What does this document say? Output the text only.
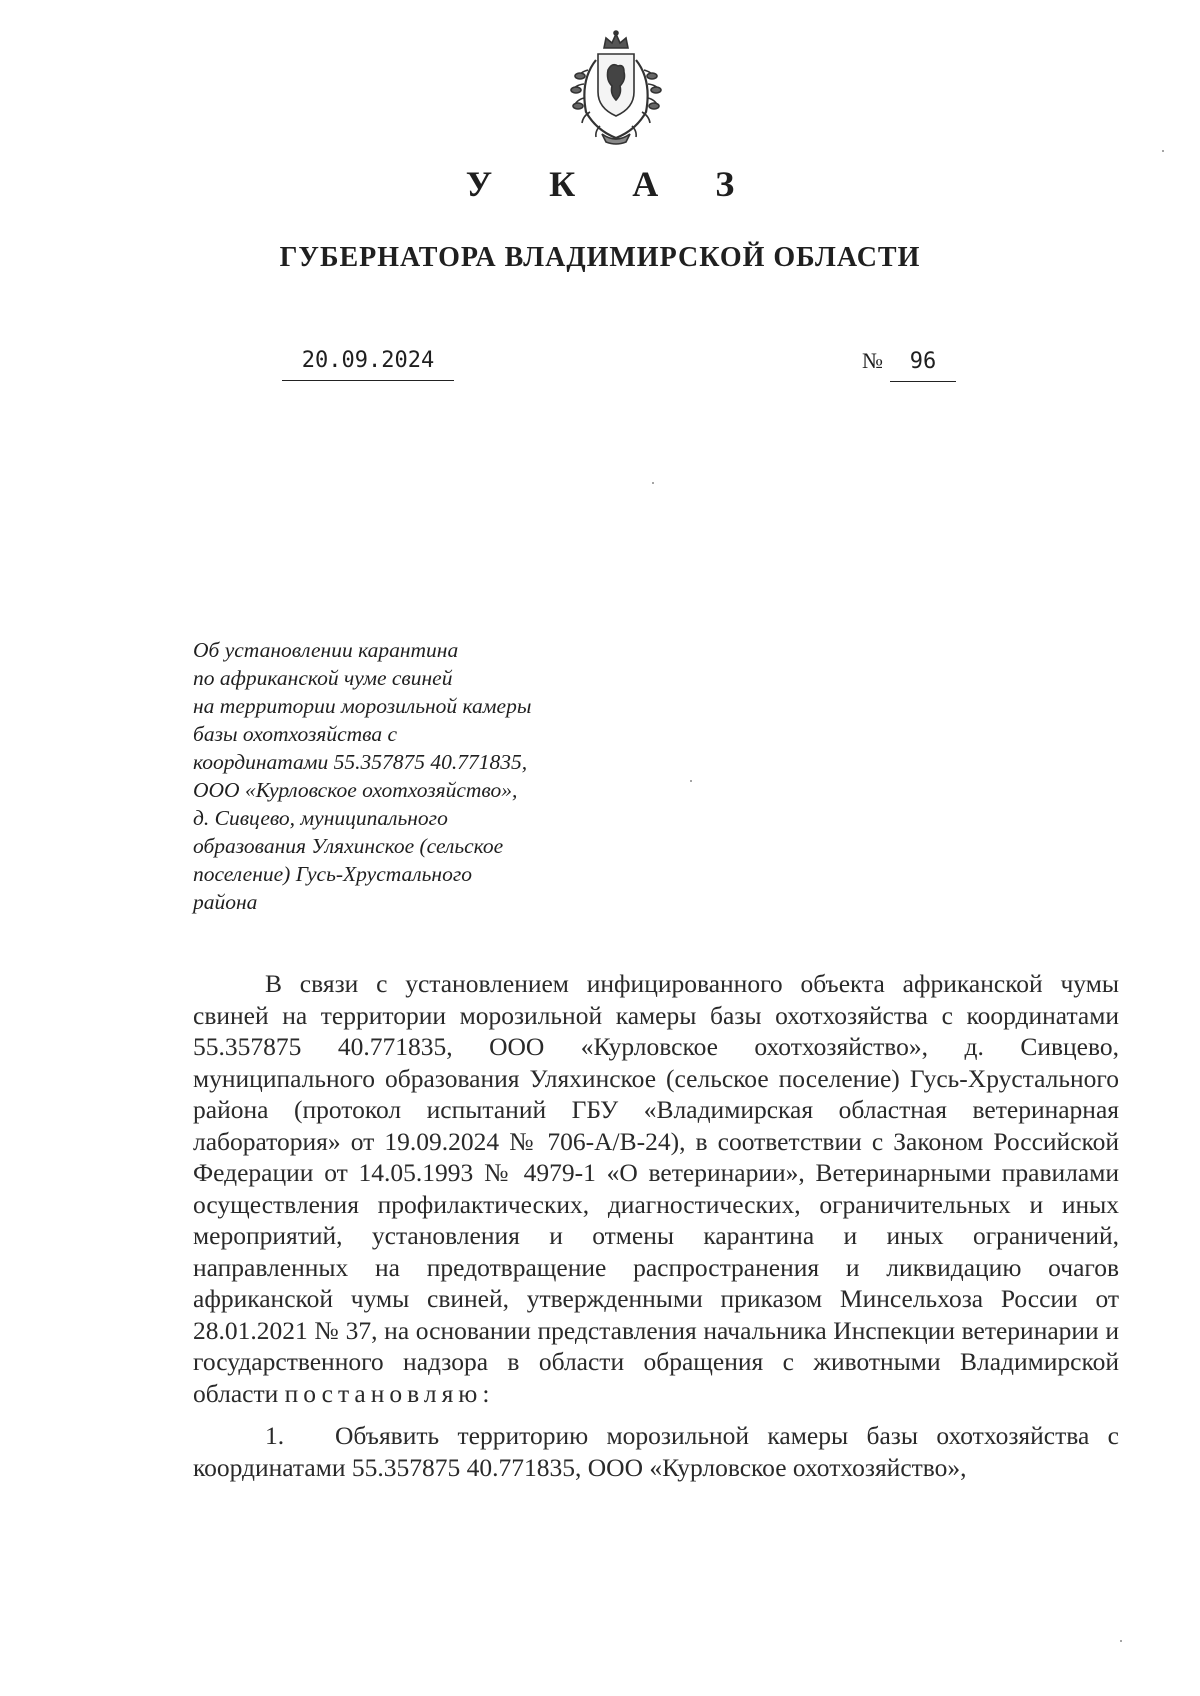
У К А З
ГУБЕРНАТОРА ВЛАДИМИРСКОЙ ОБЛАСТИ
20.09.2024	№ 96
Об установлении карантина
по африканской чуме свиней
на территории морозильной камеры
базы охотхозяйства с
координатами 55.357875 40.771835,
ООО «Курловское охотхозяйство»,
д. Сивцево, муниципального
образования Уляхинское (сельское
поселение) Гусь-Хрустального
района

В связи с установлением инфицированного объекта африканской чумы свиней на территории морозильной камеры базы охотхозяйства с координатами 55.357875 40.771835, ООО «Курловское охотхозяйство», д. Сивцево, муниципального образования Уляхинское (сельское поселение) Гусь-Хрустального района (протокол испытаний ГБУ «Владимирская областная ветеринарная лаборатория» от 19.09.2024 № 706-А/В-24), в соответствии с Законом Российской Федерации от 14.05.1993 № 4979-1 «О ветеринарии», Ветеринарными правилами осуществления профилактических, диагностических, ограничительных и иных мероприятий, установления и отмены карантина и иных ограничений, направленных на предотвращение распространения и ликвидацию очагов африканской чумы свиней, утвержденными приказом Минсельхоза России от 28.01.2021 № 37, на основании представления начальника Инспекции ветеринарии и государственного надзора в области обращения с животными Владимирской области постановляю:

1. Объявить территорию морозильной камеры базы охотхозяйства с координатами 55.357875 40.771835, ООО «Курловское охотхозяйство»,
